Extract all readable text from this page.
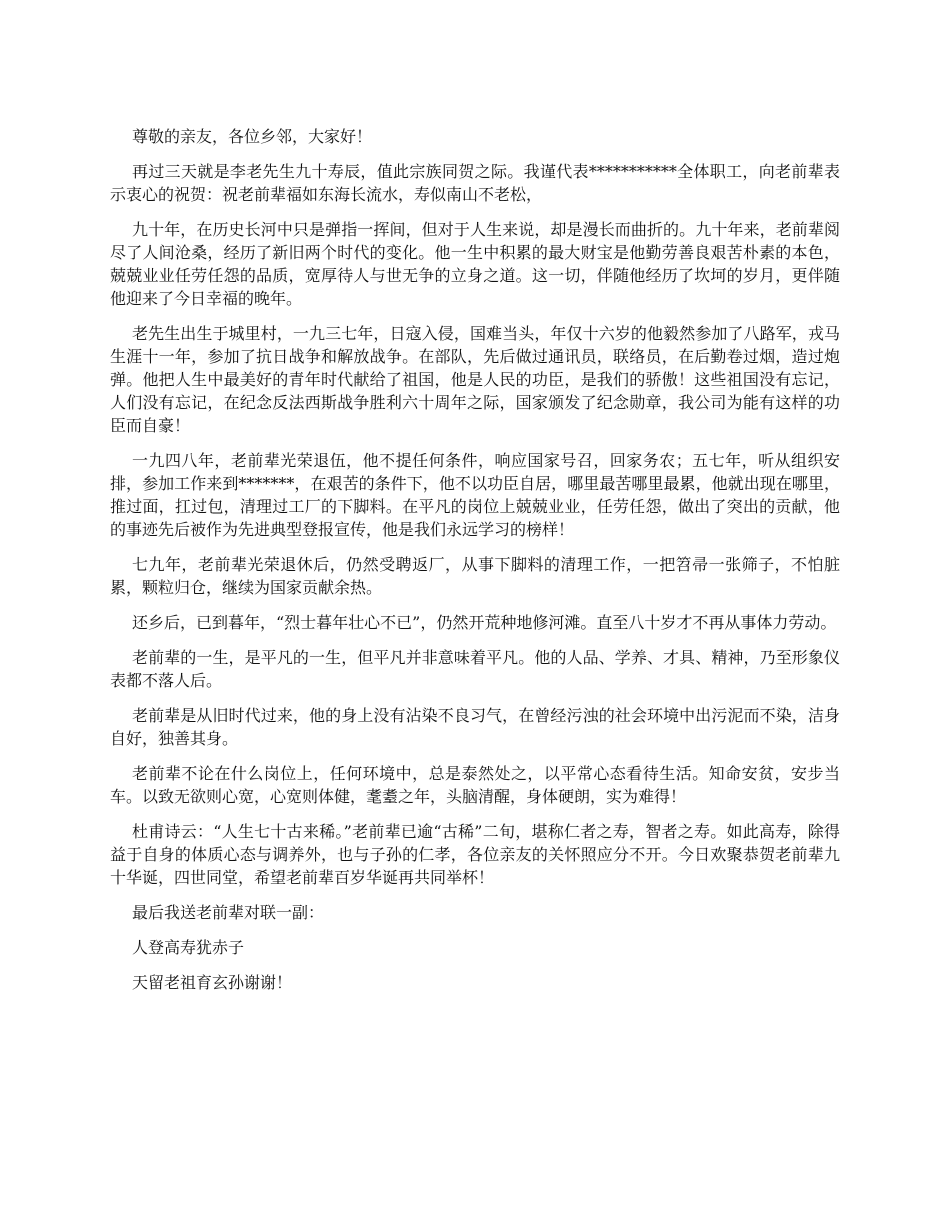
尊敬的亲友，各位乡邻，大家好！

再过三天就是李老先生九十寿辰，值此宗族同贺之际。我谨代表***********全体职工，向老前辈表示衷心的祝贺：祝老前辈福如东海长流水，寿似南山不老松，

九十年，在历史长河中只是弹指一挥间，但对于人生来说，却是漫长而曲折的。九十年来，老前辈阅尽了人间沧桑，经历了新旧两个时代的变化。他一生中积累的最大财宝是他勤劳善良艰苦朴素的本色，兢兢业业任劳任怨的品质，宽厚待人与世无争的立身之道。这一切，伴随他经历了坎坷的岁月，更伴随他迎来了今日幸福的晚年。

老先生出生于城里村，一九三七年，日寇入侵，国难当头，年仅十六岁的他毅然参加了八路军，戎马生涯十一年，参加了抗日战争和解放战争。在部队，先后做过通讯员，联络员，在后勤卷过烟，造过炮弹。他把人生中最美好的青年时代献给了祖国，他是人民的功臣，是我们的骄傲！这些祖国没有忘记，人们没有忘记，在纪念反法西斯战争胜利六十周年之际，国家颁发了纪念勋章，我公司为能有这样的功臣而自豪！

一九四八年，老前辈光荣退伍，他不提任何条件，响应国家号召，回家务农；五七年，听从组织安排，参加工作来到*******，在艰苦的条件下，他不以功臣自居，哪里最苦哪里最累，他就出现在哪里，推过面，扛过包，清理过工厂的下脚料。在平凡的岗位上兢兢业业，任劳任怨，做出了突出的贡献，他的事迹先后被作为先进典型登报宣传，他是我们永远学习的榜样！

七九年，老前辈光荣退休后，仍然受聘返厂，从事下脚料的清理工作，一把笤帚一张筛子，不怕脏累，颗粒归仓，继续为国家贡献余热。

还乡后，已到暮年，“烈士暮年壮心不已”，仍然开荒种地修河滩。直至八十岁才不再从事体力劳动。

老前辈的一生，是平凡的一生，但平凡并非意味着平凡。他的人品、学养、才具、精神，乃至形象仪表都不落人后。

老前辈是从旧时代过来，他的身上没有沾染不良习气，在曾经污浊的社会环境中出污泥而不染，洁身自好，独善其身。

老前辈不论在什么岗位上，任何环境中，总是泰然处之，以平常心态看待生活。知命安贫，安步当车。以致无欲则心宽，心宽则体健，耄耋之年，头脑清醒，身体硬朗，实为难得！

杜甫诗云：“人生七十古来稀。”老前辈已逾“古稀”二旬，堪称仁者之寿，智者之寿。如此高寿，除得益于自身的体质心态与调养外，也与子孙的仁孝，各位亲友的关怀照应分不开。今日欢聚恭贺老前辈九十华诞，四世同堂，希望老前辈百岁华诞再共同举杯！

最后我送老前辈对联一副：

人登高寿犹赤子

天留老祖育玄孙谢谢！
